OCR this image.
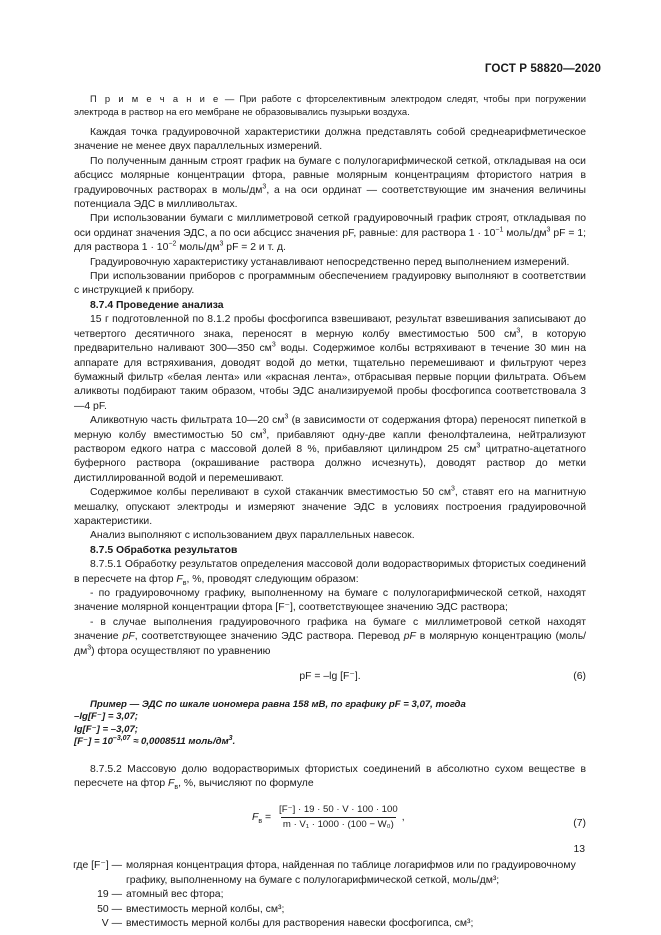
ГОСТ Р 58820—2020

П р и м е ч а н и е — При работе с фторселективным электродом следят, чтобы при погружении электрода в раствор на его мембране не образовывались пузырьки воздуха.

Каждая точка градуировочной характеристики должна представлять собой среднеарифметическое значение не менее двух параллельных измерений.

По полученным данным строят график на бумаге с полулогарифмической сеткой, откладывая на оси абсцисс молярные концентрации фтора, равные молярным концентрациям фтористого натрия в градуировочных растворах в моль/$дм^3$, а на оси ординат — соответствующие им значения величины потенциала ЭДС в милливольтах.

При использовании бумаги с миллиметровой сеткой градуировочный график строят, откладывая по оси ординат значения ЭДС, а по оси абсцисс значения pF, равные: для раствора $1 \cdot 10^{-1}$ моль/$дм^3$ pF = 1; для раствора $1 \cdot 10^{-2}$ моль/$дм^3$ pF = 2 и т. д.

Градуировочную характеристику устанавливают непосредственно перед выполнением измерений.

При использовании приборов с программным обеспечением градуировку выполняют в соответствии с инструкцией к прибору.

8.7.4 Проведение анализа

15 г подготовленной по 8.1.2 пробы фосфогипса взвешивают, результат взвешивания записывают до четвертого десятичного знака, переносят в мерную колбу вместимостью 500 $см^3$, в которую предварительно наливают 300—350 $см^3$ воды. Содержимое колбы встряхивают в течение 30 мин на аппарате для встряхивания, доводят водой до метки, тщательно перемешивают и фильтруют через бумажный фильтр «белая лента» или «красная лента», отбрасывая первые порции фильтрата. Объем аликвоты подбирают таким образом, чтобы ЭДС анализируемой пробы фосфогипса соответствовала 3—4 pF.

Аликвотную часть фильтрата 10—20 $см^3$ (в зависимости от содержания фтора) переносят пипеткой в мерную колбу вместимостью 50 $см^3$, прибавляют одну-две капли фенолфталеина, нейтрализуют раствором едкого натра с массовой долей 8 %, прибавляют цилиндром 25 $см^3$ цитратно-ацетатного буферного раствора (окрашивание раствора должно исчезнуть), доводят раствор до метки дистиллированной водой и перемешивают.

Содержимое колбы переливают в сухой стаканчик вместимостью 50 $см^3$, ставят его на магнитную мешалку, опускают электроды и измеряют значение ЭДС в условиях построения градуировочной характеристики.

Анализ выполняют с использованием двух параллельных навесок.

8.7.5 Обработка результатов

8.7.5.1 Обработку результатов определения массовой доли водорастворимых фтористых соединений в пересчете на фтор $F_в$, %, проводят следующим образом:

- по градуировочному графику, выполненному на бумаге с полулогарифмической сеткой, находят значение молярной концентрации фтора [F⁻], соответствующее значению ЭДС раствора;

- в случае выполнения градуировочного графика на бумаге с миллиметровой сеткой находят значение pF, соответствующее значению ЭДС раствора. Перевод pF в молярную концентрацию $(моль/дм^3)$ фтора осуществляют по уравнению

pF = –lg [F⁻].	(6)
Пример — ЭДС по шкале иономера равна 158 мВ, по графику pF = 3,07, тогда
–lg[F⁻] = 3,07;
lg[F⁻] = –3,07;
$[F^-] = 10^{-3,07} \approx 0,0008511$ моль/$дм^3$.

8.7.5.2 Массовую долю водорастворимых фтористых соединений в абсолютно сухом веществе в пересчете на фтор $F_в$, %, вычисляют по формуле

$F_в = \frac{[F^-] \cdot 19 \cdot 50 \cdot V \cdot 100 \cdot 100}{\text{m · V₁ · 1000 · (100 − W₀)}}$ ,
(7)
где [F⁻] — молярная концентрация фтора, найденная по таблице логарифмов или по градуировочному графику, выполненному на бумаге с полулогарифмической сеткой, моль/дм³;
19 — атомный вес фтора;
50 — вместимость мерной колбы, см³;
V — вместимость мерной колбы для растворения навески фосфогипса, см³;
13
